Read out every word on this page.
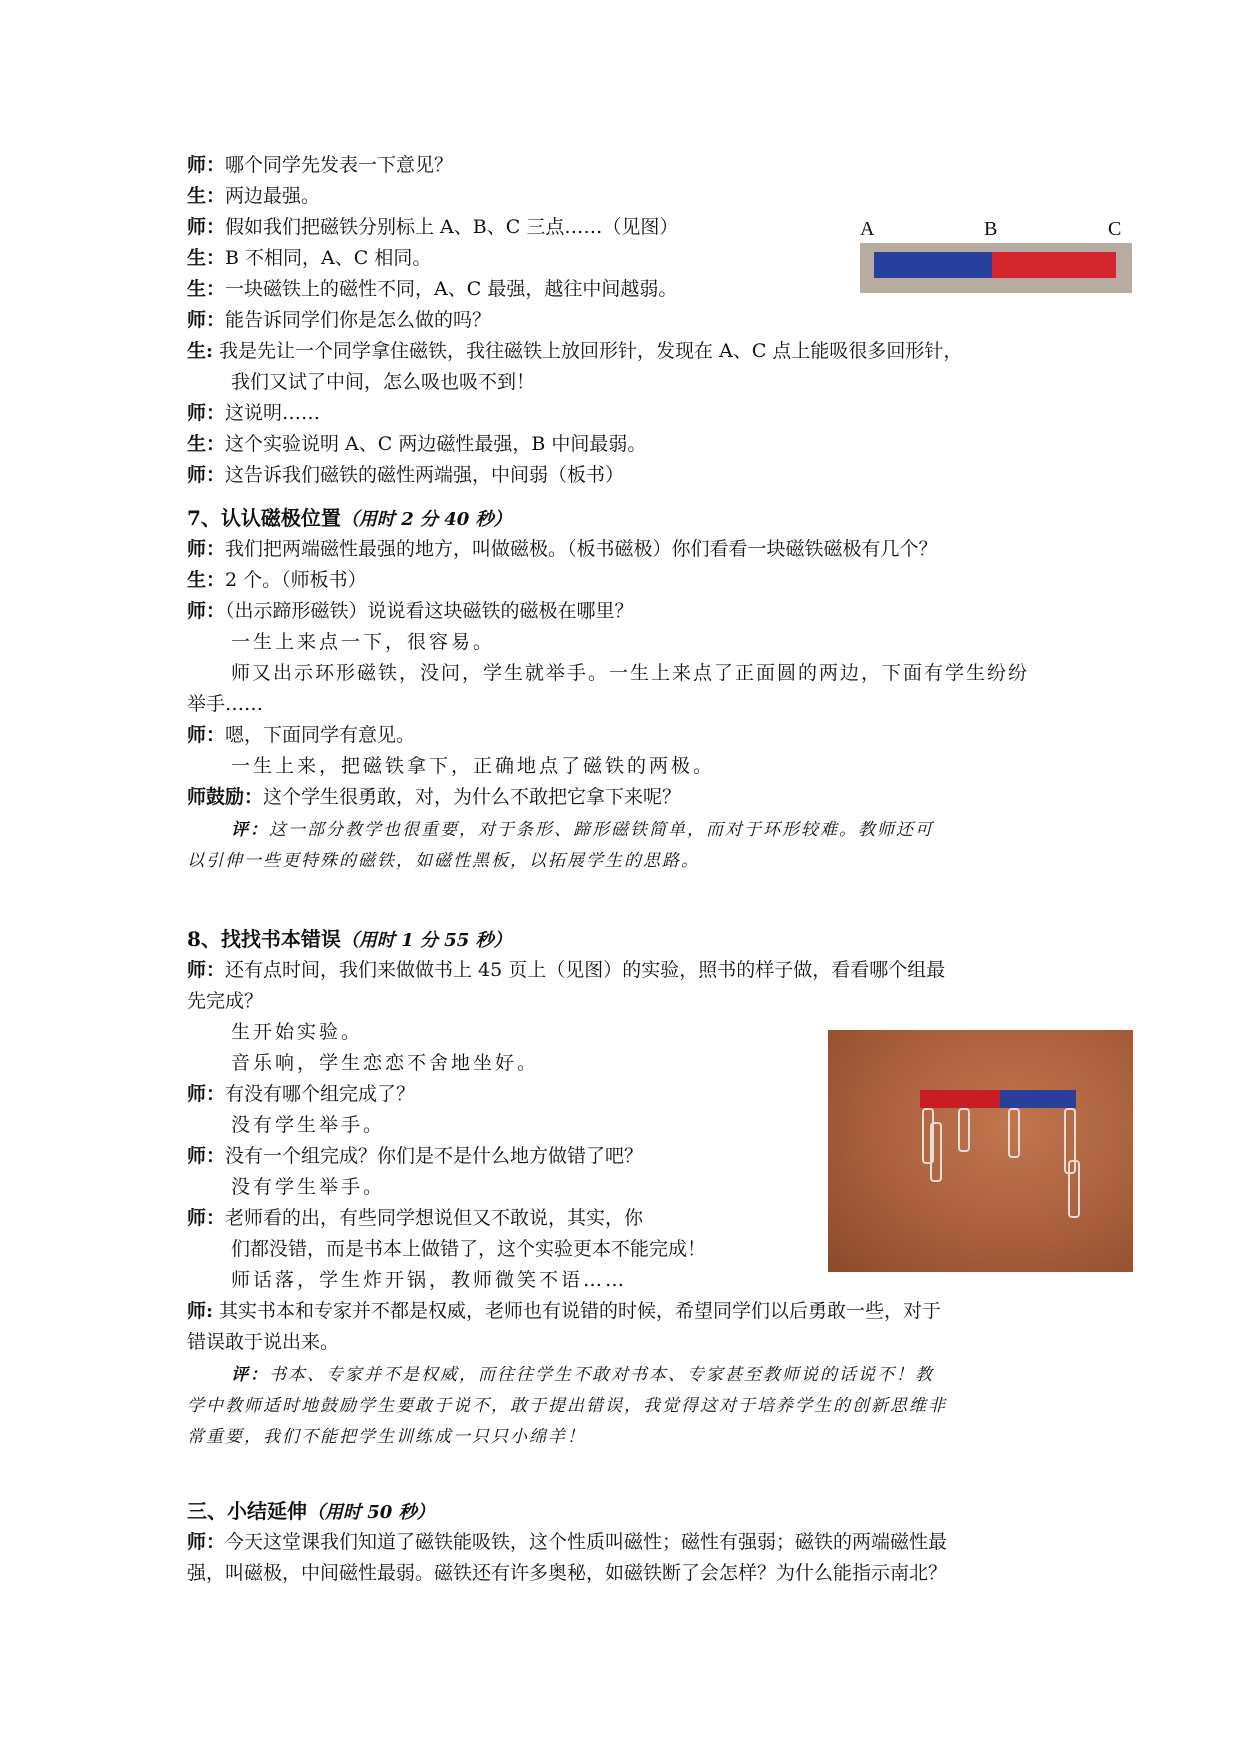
师：哪个同学先发表一下意见？
生：两边最强。
师：假如我们把磁铁分别标上 A、B、C 三点……（见图）
生：B 不相同，A、C 相同。
生：一块磁铁上的磁性不同，A、C 最强，越往中间越弱。
师：能告诉同学们你是怎么做的吗？
生: 我是先让一个同学拿住磁铁，我往磁铁上放回形针，发现在 A、C 点上能吸很多回形针，
我们又试了中间，怎么吸也吸不到！
师：这说明……
生：这个实验说明 A、C 两边磁性最强，B 中间最弱。
师：这告诉我们磁铁的磁性两端强，中间弱（板书）
A	B	C
7、认认磁极位置（用时 2 分 40 秒）
师：我们把两端磁性最强的地方，叫做磁极。（板书磁极）你们看看一块磁铁磁极有几个？
生：2 个。（师板书）
师：（出示蹄形磁铁）说说看这块磁铁的磁极在哪里？
一生上来点一下，很容易。
师又出示环形磁铁，没问，学生就举手。一生上来点了正面圆的两边，下面有学生纷纷
举手……
师：嗯，下面同学有意见。
一生上来，把磁铁拿下，正确地点了磁铁的两极。
师鼓励：这个学生很勇敢，对，为什么不敢把它拿下来呢？
评：这一部分教学也很重要，对于条形、蹄形磁铁简单，而对于环形较难。教师还可
以引伸一些更特殊的磁铁，如磁性黑板，以拓展学生的思路。
8、找找书本错误（用时 1 分 55 秒）
师：还有点时间，我们来做做书上 45 页上（见图）的实验，照书的样子做，看看哪个组最
先完成？
生开始实验。
音乐响，学生恋恋不舍地坐好。
师：有没有哪个组完成了？
没有学生举手。
师：没有一个组完成？你们是不是什么地方做错了吧？
没有学生举手。
师：老师看的出，有些同学想说但又不敢说，其实，你
们都没错，而是书本上做错了，这个实验更本不能完成！
师话落，学生炸开锅，教师微笑不语……
师: 其实书本和专家并不都是权威，老师也有说错的时候，希望同学们以后勇敢一些，对于
错误敢于说出来。
评：书本、专家并不是权威，而往往学生不敢对书本、专家甚至教师说的话说不！教
学中教师适时地鼓励学生要敢于说不，敢于提出错误，我觉得这对于培养学生的创新思维非
常重要，我们不能把学生训练成一只只小绵羊！
三、小结延伸（用时 50 秒）
师：今天这堂课我们知道了磁铁能吸铁，这个性质叫磁性；磁性有强弱；磁铁的两端磁性最
强，叫磁极，中间磁性最弱。磁铁还有许多奥秘，如磁铁断了会怎样？为什么能指示南北？
